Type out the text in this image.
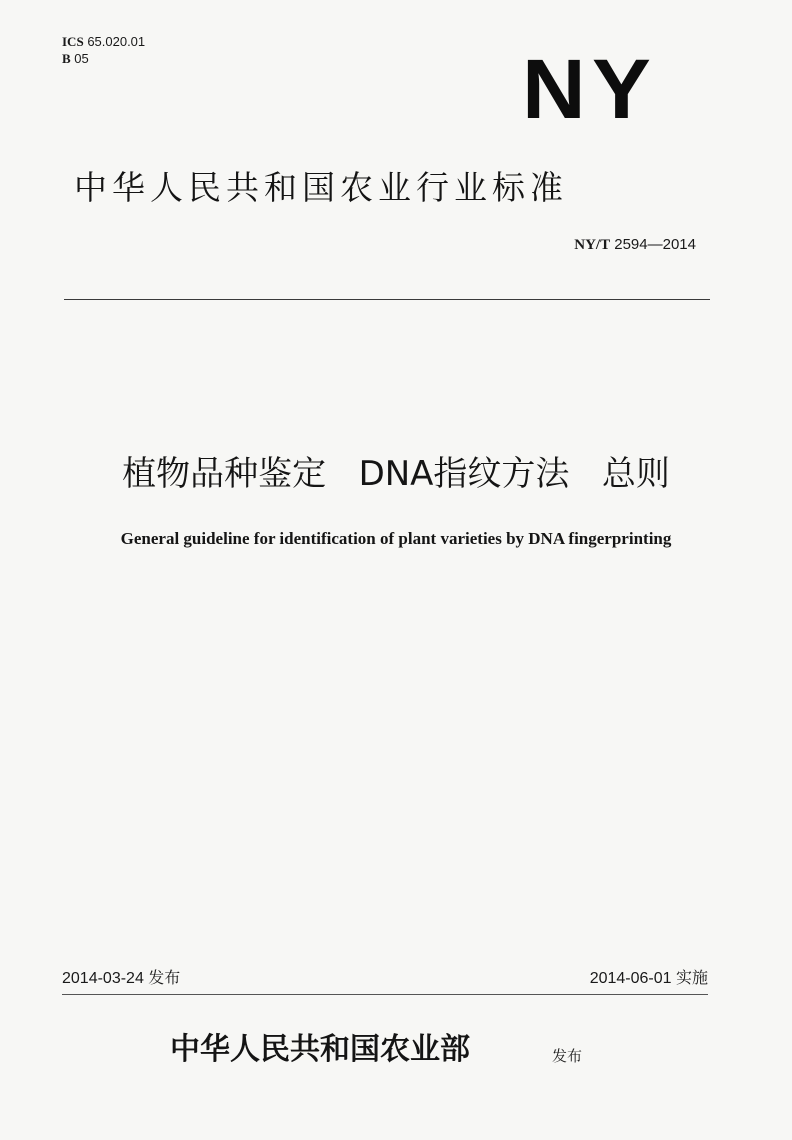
ICS 65.020.01
B 05	NY
中华人民共和国农业行业标准
NY/T 2594—2014
植物品种鉴定   DNA指纹方法   总则
General guideline for identification of plant varieties by DNA fingerprinting
2014-03-24 发布	2014-06-01 实施
中华人民共和国农业部	发布
